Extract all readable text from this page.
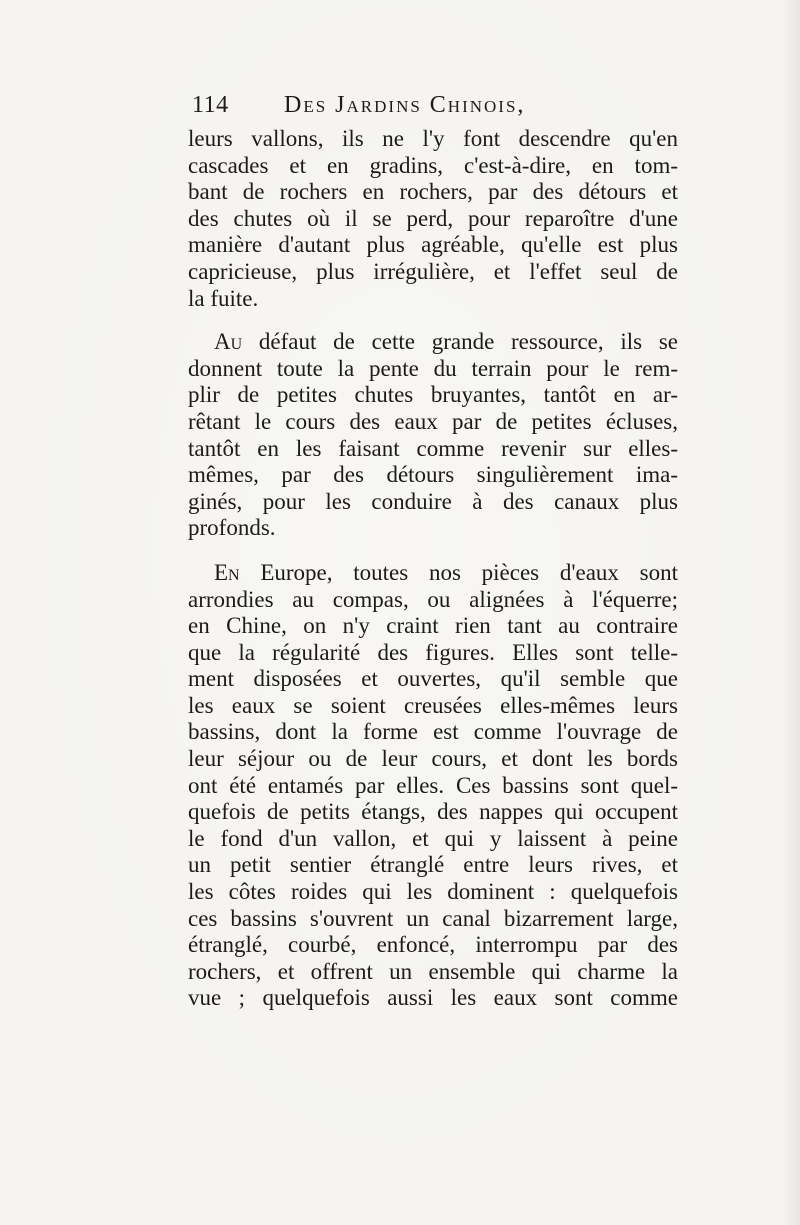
114 Des Jardins Chinois,
leurs vallons, ils ne l'y font descendre qu'en
cascades et en gradins, c'est-à-dire, en tom-
bant de rochers en rochers, par des détours et
des chutes où il se perd, pour reparoître d'une
manière d'autant plus agréable, qu'elle est plus
capricieuse, plus irrégulière, et l'effet seul de
la fuite.
Au défaut de cette grande ressource, ils se
donnent toute la pente du terrain pour le rem-
plir de petites chutes bruyantes, tantôt en ar-
rêtant le cours des eaux par de petites écluses,
tantôt en les faisant comme revenir sur elles-
mêmes, par des détours singulièrement ima-
ginés, pour les conduire à des canaux plus
profonds.
En Europe, toutes nos pièces d'eaux sont
arrondies au compas, ou alignées à l'équerre;
en Chine, on n'y craint rien tant au contraire
que la régularité des figures. Elles sont telle-
ment disposées et ouvertes, qu'il semble que
les eaux se soient creusées elles-mêmes leurs
bassins, dont la forme est comme l'ouvrage de
leur séjour ou de leur cours, et dont les bords
ont été entamés par elles. Ces bassins sont quel-
quefois de petits étangs, des nappes qui occupent
le fond d'un vallon, et qui y laissent à peine
un petit sentier étranglé entre leurs rives, et
les côtes roides qui les dominent : quelquefois
ces bassins s'ouvrent un canal bizarrement large,
étranglé, courbé, enfoncé, interrompu par des
rochers, et offrent un ensemble qui charme la
vue ; quelquefois aussi les eaux sont comme
